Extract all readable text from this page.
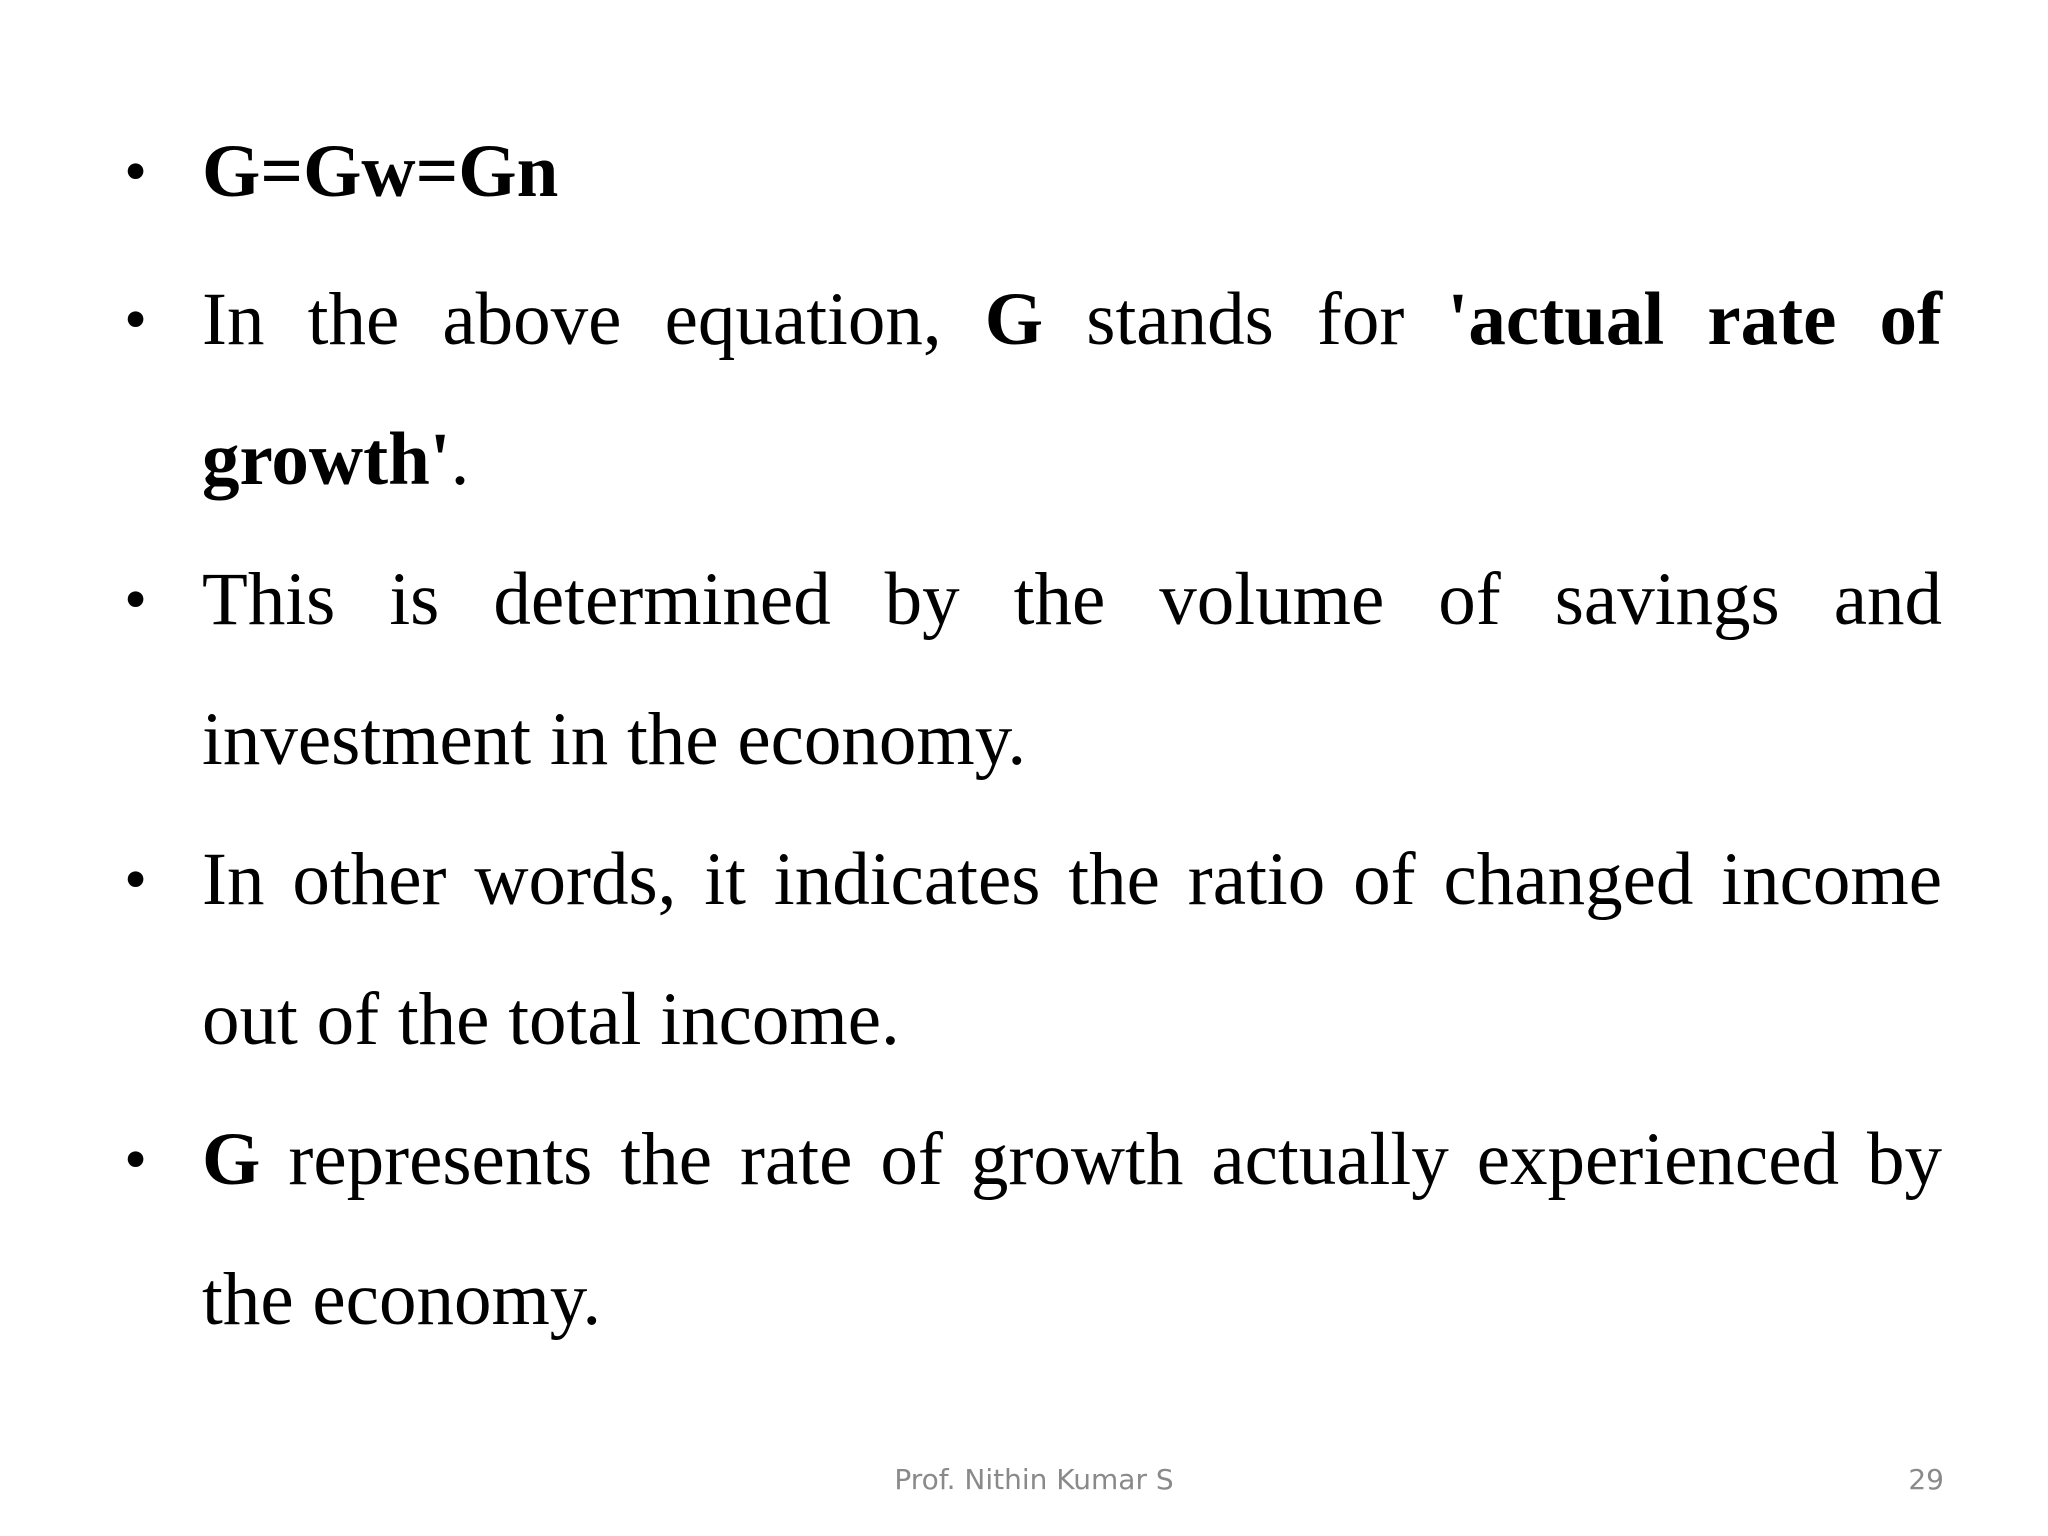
• G=Gw=Gn
• In the above equation, G stands for 'actual rate of growth'.
• This is determined by the volume of savings and investment in the economy.
• In other words, it indicates the ratio of changed income out of the total income.
• G represents the rate of growth actually experienced by the economy.
Prof. Nithin Kumar S	29
